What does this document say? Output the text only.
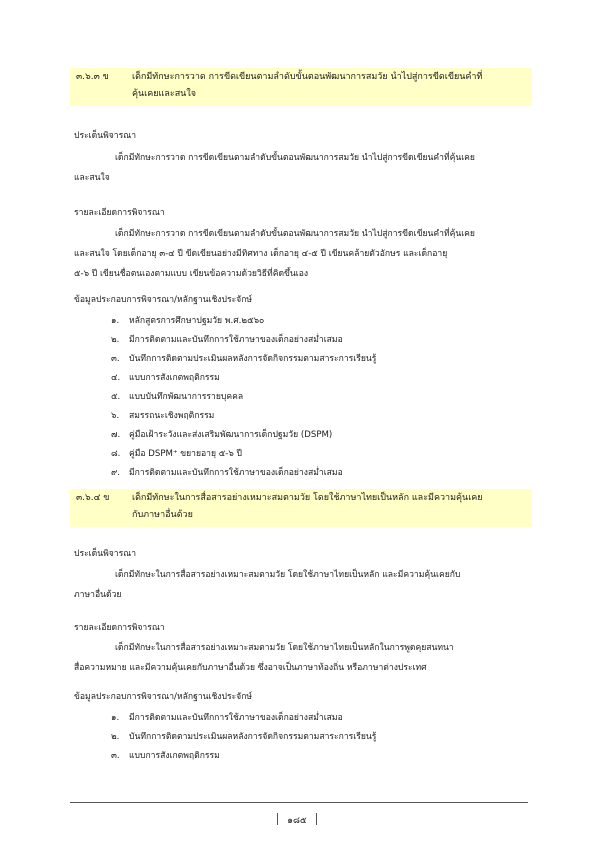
๓.๖.๓ ข	เด็กมีทักษะการวาด การขีดเขียนตามลำดับขั้นตอนพัฒนาการสมวัย นำไปสู่การขีดเขียนคำที่
คุ้นเคยและสนใจ
ประเด็นพิจารณา
เด็กมีทักษะการวาด การขีดเขียนตามลำดับขั้นตอนพัฒนาการสมวัย นำไปสู่การขีดเขียนคำที่คุ้นเคย
และสนใจ
รายละเอียดการพิจารณา
เด็กมีทักษะการวาด การขีดเขียนตามลำดับขั้นตอนพัฒนาการสมวัย นำไปสู่การขีดเขียนคำที่คุ้นเคย
และสนใจ โดยเด็กอายุ ๓-๔ ปี ขีดเขียนอย่างมีทิศทาง เด็กอายุ ๔-๕ ปี เขียนคล้ายตัวอักษร และเด็กอายุ
๕-๖ ปี เขียนชื่อตนเองตามแบบ เขียนข้อความด้วยวิธีที่คิดขึ้นเอง
ข้อมูลประกอบการพิจารณา/หลักฐานเชิงประจักษ์
๑.	หลักสูตรการศึกษาปฐมวัย พ.ศ.๒๕๖๐
๒.	มีการติดตามและบันทึกการใช้ภาษาของเด็กอย่างสม่ำเสมอ
๓.	บันทึกการติดตามประเมินผลหลังการจัดกิจกรรมตามสาระการเรียนรู้
๔.	แบบการสังเกตพฤติกรรม
๕.	แบบบันทึกพัฒนาการรายบุคคล
๖.	สมรรถนะเชิงพฤติกรรม
๗.	คู่มือเฝ้าระวังและส่งเสริมพัฒนาการเด็กปฐมวัย (DSPM)
๘.	คู่มือ DSPM⁺ ขยายอายุ ๕-๖ ปี
๙.	มีการติดตามและบันทึกการใช้ภาษาของเด็กอย่างสม่ำเสมอ
๓.๖.๔ ข	เด็กมีทักษะในการสื่อสารอย่างเหมาะสมตามวัย โดยใช้ภาษาไทยเป็นหลัก และมีความคุ้นเคย
กับภาษาอื่นด้วย
ประเด็นพิจารณา
เด็กมีทักษะในการสื่อสารอย่างเหมาะสมตามวัย โดยใช้ภาษาไทยเป็นหลัก และมีความคุ้นเคยกับ
ภาษาอื่นด้วย
รายละเอียดการพิจารณา
เด็กมีทักษะในการสื่อสารอย่างเหมาะสมตามวัย โดยใช้ภาษาไทยเป็นหลักในการพูดคุยสนทนา
สื่อความหมาย และมีความคุ้นเคยกับภาษาอื่นด้วย ซึ่งอาจเป็นภาษาท้องถิ่น หรือภาษาต่างประเทศ
ข้อมูลประกอบการพิจารณา/หลักฐานเชิงประจักษ์
๑.	มีการติดตามและบันทึกการใช้ภาษาของเด็กอย่างสม่ำเสมอ
๒.	บันทึกการติดตามประเมินผลหลังการจัดกิจกรรมตามสาระการเรียนรู้
๓.	แบบการสังเกตพฤติกรรม
๑๘๕
